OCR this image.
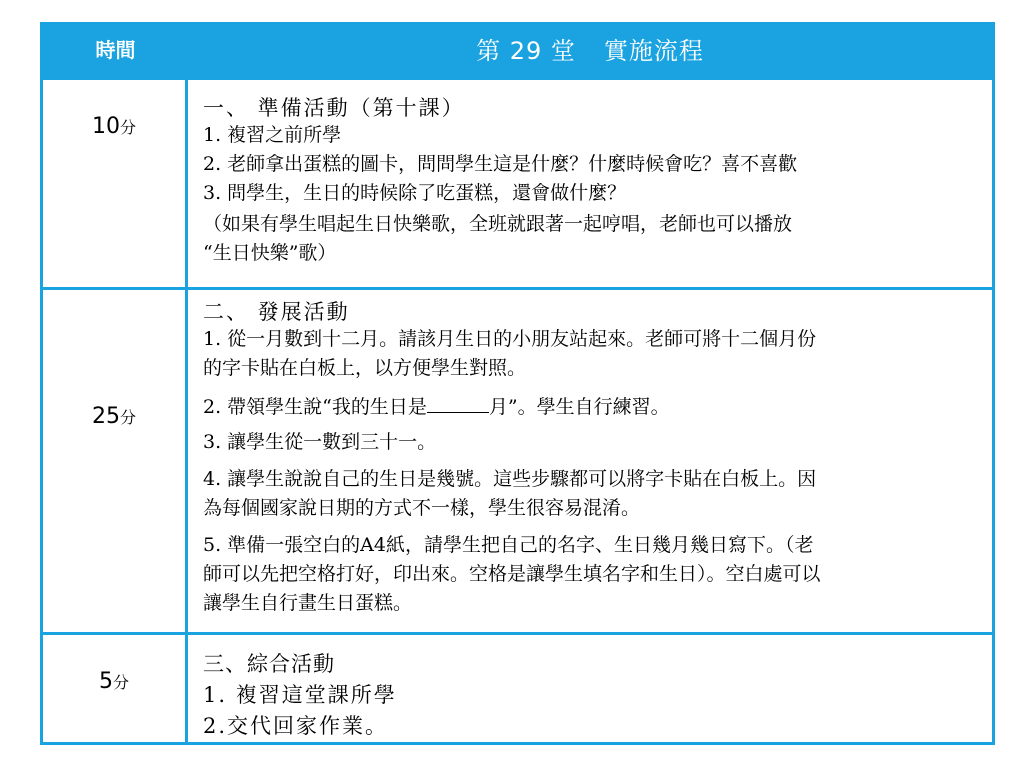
時間	第 29 堂 實施流程
10分
一、 準備活動（第十課）
1. 複習之前所學
2. 老師拿出蛋糕的圖卡，問問學生這是什麼？什麼時候會吃？喜不喜歡
3. 問學生，生日的時候除了吃蛋糕，還會做什麼？
（如果有學生唱起生日快樂歌，全班就跟著一起哼唱，老師也可以播放
“生日快樂”歌）
25分
二、 發展活動
1. 從一月數到十二月。請該月生日的小朋友站起來。老師可將十二個月份
的字卡貼在白板上，以方便學生對照。
2. 帶領學生說“我的生日是	月”。學生自行練習。
3. 讓學生從一數到三十一。
4. 讓學生說說自己的生日是幾號。這些步驟都可以將字卡貼在白板上。因
為每個國家說日期的方式不一樣，學生很容易混淆。
5. 準備一張空白的A4紙，請學生把自己的名字、生日幾月幾日寫下。（老
師可以先把空格打好，印出來。空格是讓學生填名字和生日）。空白處可以
讓學生自行畫生日蛋糕。
5分
三、綜合活動
1. 複習這堂課所學
2.交代回家作業。
